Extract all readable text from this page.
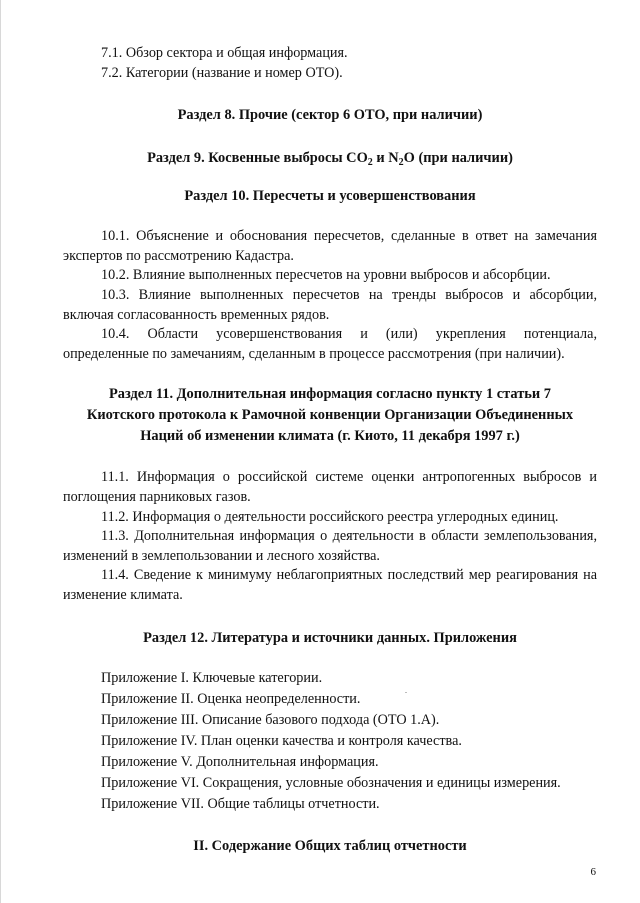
7.1. Обзор сектора и общая информация.

7.2. Категории (название и номер ОТО).

Раздел 8. Прочие (сектор 6 ОТО, при наличии)

Раздел 9. Косвенные выбросы $CO_2$ и $N_2O$ (при наличии)

Раздел 10. Пересчеты и усовершенствования

10.1. Объяснение и обоснования пересчетов, сделанные в ответ на замечания экспертов по рассмотрению Кадастра.

10.2. Влияние выполненных пересчетов на уровни выбросов и абсорбции.

10.3. Влияние выполненных пересчетов на тренды выбросов и абсорбции, включая согласованность временных рядов.

10.4. Области усовершенствования и (или) укрепления потенциала, определенные по замечаниям, сделанным в процессе рассмотрения (при наличии).

Раздел 11. Дополнительная информация согласно пункту 1 статьи 7
Киотского протокола к Рамочной конвенции Организации Объединенных
Наций об изменении климата (г. Киото, 11 декабря 1997 г.)

11.1. Информация о российской системе оценки антропогенных выбросов и поглощения парниковых газов.

11.2. Информация о деятельности российского реестра углеродных единиц.

11.3. Дополнительная информация о деятельности в области землепользования, изменений в землепользовании и лесного хозяйства.

11.4. Сведение к минимуму неблагоприятных последствий мер реагирования на изменение климата.

Раздел 12. Литература и источники данных. Приложения

Приложение I. Ключевые категории.

Приложение II. Оценка неопределенности.

Приложение III. Описание базового подхода (ОТО 1.А).

Приложение IV. План оценки качества и контроля качества.

Приложение V. Дополнительная информация.

Приложение VI. Сокращения, условные обозначения и единицы измерения.

Приложение VII. Общие таблицы отчетности.

II. Содержание Общих таблиц отчетности

6
